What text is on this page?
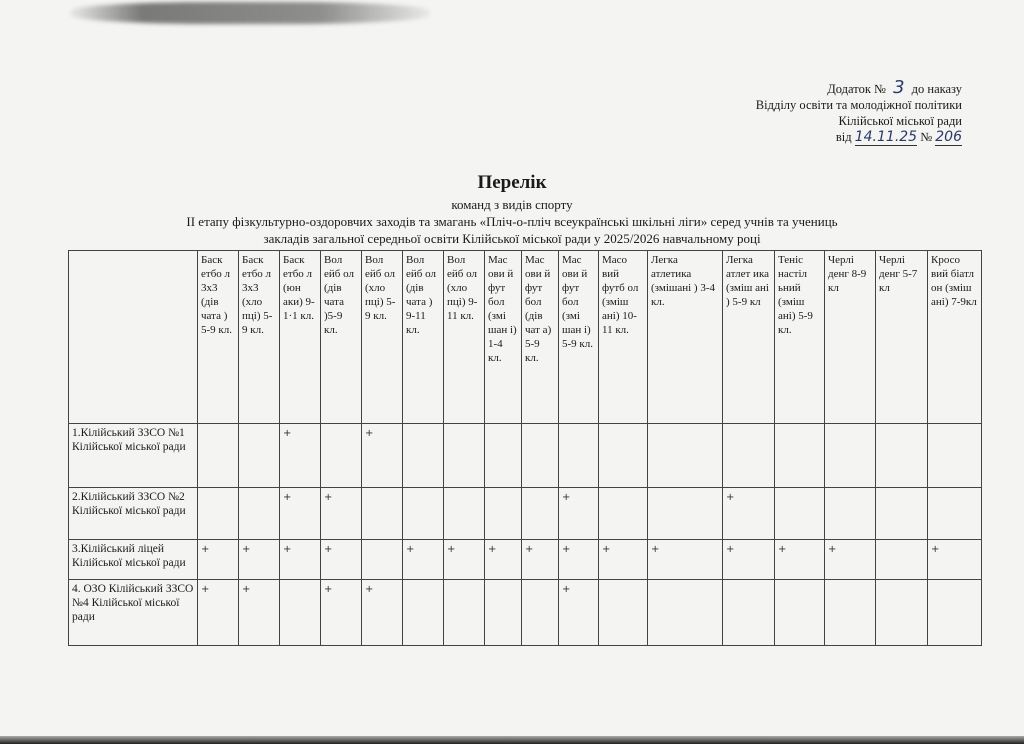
Додаток № 3 до наказу
Відділу освіти та молодіжної політики
Кілійської міської ради
від 14.11.25 № 206
Перелік
команд з видів спорту
ІІ етапу фізкультурно-оздоровчих заходів та змагань «Пліч-о-пліч всеукраїнські шкільні ліги» серед учнів та учениць
закладів загальної середньої освіти Кілійської міської ради у 2025/2026 навчальному році
	Баск етбо л 3х3 (дів чата ) 5-9 кл.	Баск етбо л 3х3 (хло пці) 5-9 кл.	Баск етбо л (юн аки) 9-1·1 кл.	Вол ейб ол (дів чата )5-9 кл.	Вол ейб ол (хло пці) 5-9 кл.	Вол ейб ол (дів чата ) 9-11 кл.	Вол ейб ол (хло пці) 9-11 кл.	Мас ови й фут бол (змі шан і) 1-4 кл.	Мас ови й фут бол (дів чат а) 5-9 кл.	Мас ови й фут бол (змі шан і) 5-9 кл.	Масо вий футб ол (зміш ані) 10-11 кл.	Легка атлетика (змішані ) 3-4 кл.	Легка атлет ика (зміш ані ) 5-9 кл	Теніс настіл ьний (зміш ані) 5-9 кл.	Черлі денг 8-9 кл	Черлі денг 5-7 кл	Кросо вий біатл он (зміш ані) 7-9кл
1.Кілійський ЗЗСО №1 Кілійської міської ради			+		+												
2.Кілійський ЗЗСО №2 Кілійської міської ради			+	+						+			+				
3.Кілійський ліцей Кілійської міської ради	+	+	+	+		+	+	+	+	+	+	+	+	+	+		+
4. ОЗО Кілійський ЗЗСО №4 Кілійської міської ради	+	+		+	+					+							
